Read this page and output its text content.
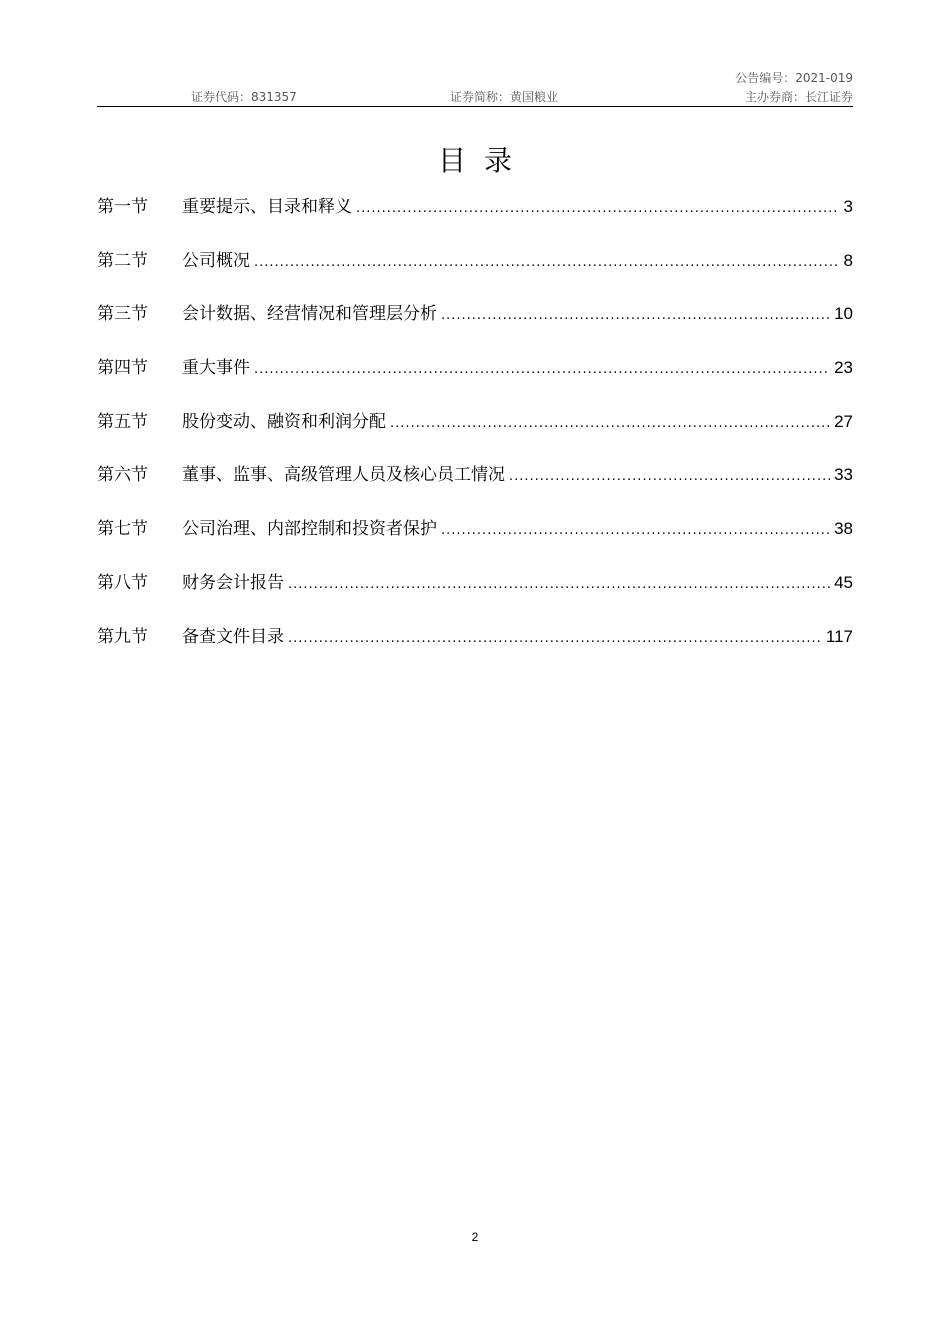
公告编号：2021-019
证券代码：831357	证券简称：黄国粮业	主办券商：长江证券
目录
第一节	重要提示、目录和释义 .....	3
第二节	公司概况 .....	8
第三节	会计数据、经营情况和管理层分析 .....	10
第四节	重大事件 .....	23
第五节	股份变动、融资和利润分配 .....	27
第六节	董事、监事、高级管理人员及核心员工情况 .....	33
第七节	公司治理、内部控制和投资者保护 .....	38
第八节	财务会计报告 .....	45
第九节	备查文件目录 .....	117
2
